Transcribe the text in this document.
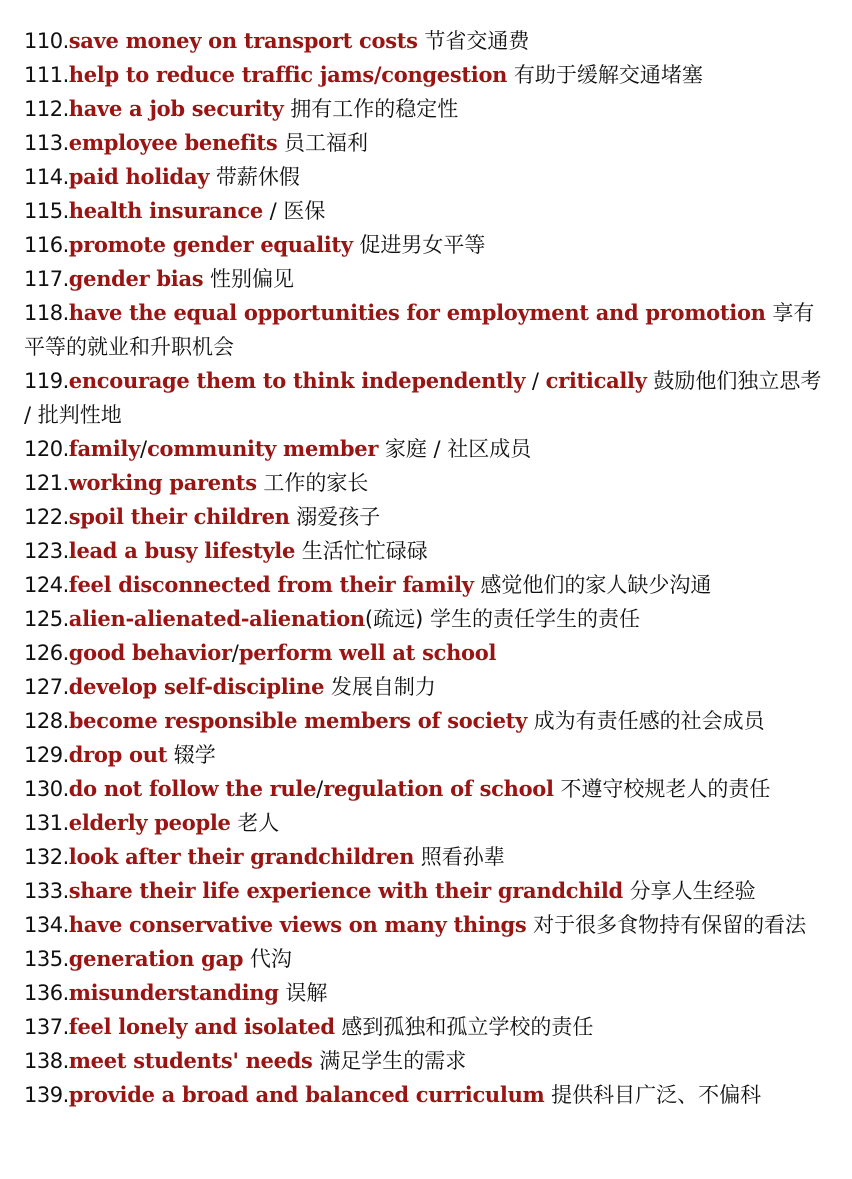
110.save money on transport costs 节省交通费
111.help to reduce traffic jams/congestion 有助于缓解交通堵塞
112.have a job security 拥有工作的稳定性
113.employee benefits 员工福利
114.paid holiday 带薪休假
115.health insurance / 医保
116.promote gender equality 促进男女平等
117.gender bias 性别偏见
118.have the equal opportunities for employment and promotion 享有平等的就业和升职机会
119.encourage them to think independently / critically 鼓励他们独立思考 / 批判性地
120.family/community member 家庭 / 社区成员
121.working parents 工作的家长
122.spoil their children 溺爱孩子
123.lead a busy lifestyle 生活忙忙碌碌
124.feel disconnected from their family 感觉他们的家人缺少沟通
125.alien-alienated-alienation(疏远) 学生的责任学生的责任
126.good behavior/perform well at school
127.develop self-discipline 发展自制力
128.become responsible members of society 成为有责任感的社会成员
129.drop out 辍学
130.do not follow the rule/regulation of school 不遵守校规老人的责任
131.elderly people 老人
132.look after their grandchildren 照看孙辈
133.share their life experience with their grandchild 分享人生经验
134.have conservative views on many things 对于很多食物持有保留的看法
135.generation gap 代沟
136.misunderstanding 误解
137.feel lonely and isolated 感到孤独和孤立学校的责任
138.meet students' needs 满足学生的需求
139.provide a broad and balanced curriculum 提供科目广泛、不偏科
